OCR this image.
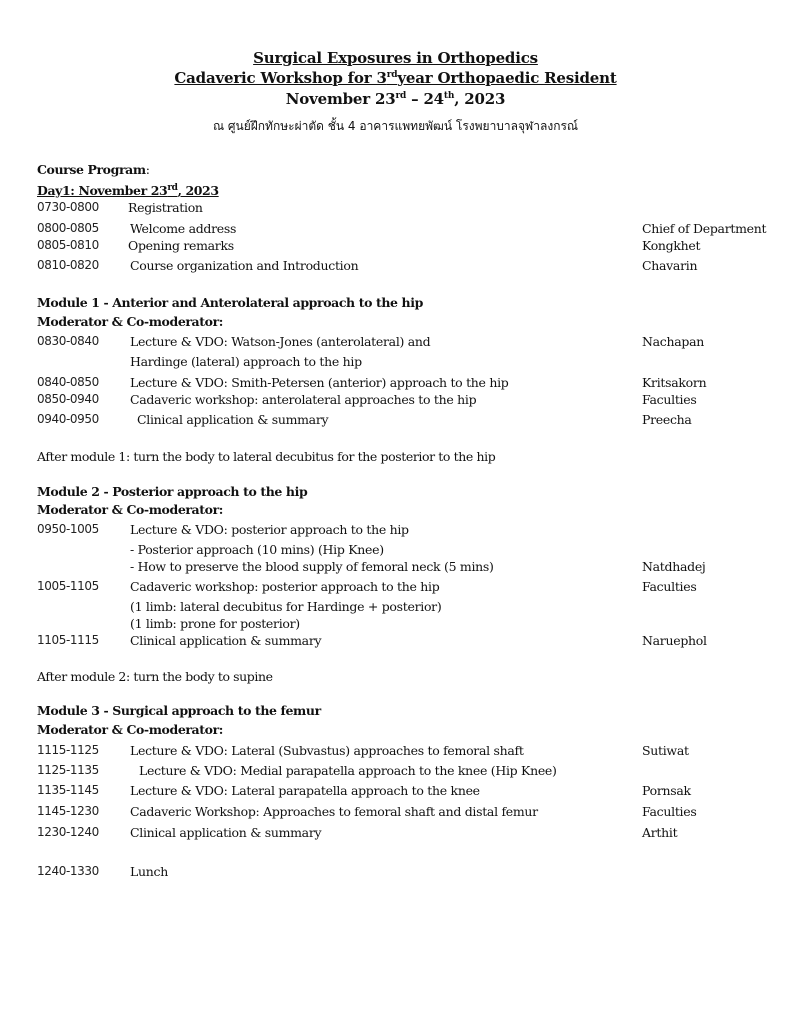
Surgical Exposures in Orthopedics
Cadaveric Workshop for 3rdyear Orthopaedic Resident
November 23rd – 24th, 2023
ณ ศูนย์ฝึกทักษะผ่าตัด ชั้น 4 อาคารแพทยพัฒน์ โรงพยาบาลจุฬาลงกรณ์
Course Program:
Day1: November 23rd, 2023
0730-0800 Registration
0800-0805 Welcome address	Chief of Department
0805-0810 Opening remarks	Kongkhet
0810-0820 Course organization and Introduction	Chavarin
Module 1 - Anterior and Anterolateral approach to the hip
Moderator & Co-moderator:
0830-0840 Lecture & VDO: Watson-Jones (anterolateral) and	Nachapan
Hardinge (lateral) approach to the hip
0840-0850 Lecture & VDO: Smith-Petersen (anterior) approach to the hip	Kritsakorn
0850-0940 Cadaveric workshop: anterolateral approaches to the hip	Faculties
0940-0950	Clinical application & summary	Preecha
After module 1: turn the body to lateral decubitus for the posterior to the hip
Module 2 - Posterior approach to the hip
Moderator & Co-moderator:
0950-1005 Lecture & VDO: posterior approach to the hip
- Posterior approach (10 mins) (Hip Knee)
- How to preserve the blood supply of femoral neck (5 mins)	Natdhadej
1005-1105 Cadaveric workshop: posterior approach to the hip	Faculties
(1 limb: lateral decubitus for Hardinge + posterior)
(1 limb: prone for posterior)
1105-1115 Clinical application & summary	Naruephol
After module 2: turn the body to supine
Module 3 - Surgical approach to the femur
Moderator & Co-moderator:
1115-1125 Lecture & VDO: Lateral (Subvastus) approaches to femoral shaft	Sutiwat
1125-1135	Lecture & VDO: Medial parapatella approach to the knee (Hip Knee)
1135-1145 Lecture & VDO: Lateral parapatella approach to the knee	Pornsak
1145-1230 Cadaveric Workshop: Approaches to femoral shaft and distal femur	Faculties
1230-1240 Clinical application & summary	Arthit
1240-1330 Lunch
